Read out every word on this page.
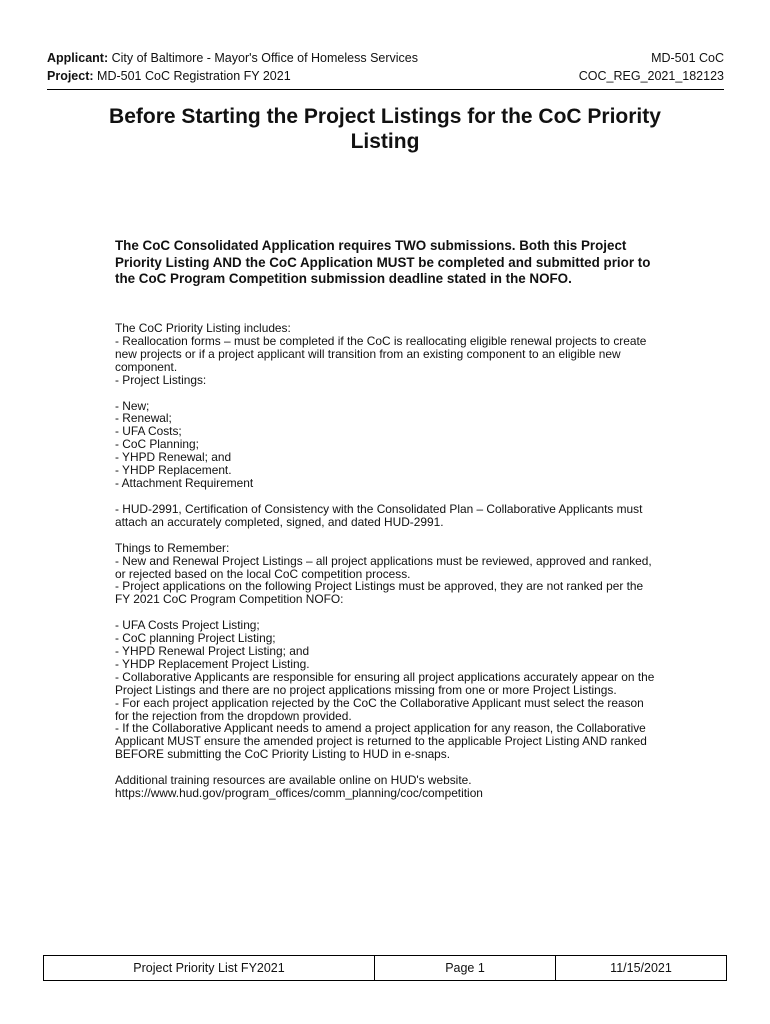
Applicant: City of Baltimore - Mayor's Office of Homeless Services	MD-501 CoC
Project: MD-501 CoC Registration FY 2021	COC_REG_2021_182123
Before Starting the Project Listings for the CoC Priority Listing

The CoC Consolidated Application requires TWO submissions. Both this Project Priority Listing AND the CoC Application MUST be completed and submitted prior to the CoC Program Competition submission deadline stated in the NOFO.

The CoC Priority Listing includes:
- Reallocation forms – must be completed if the CoC is reallocating eligible renewal projects to create new projects or if a project applicant will transition from an existing component to an eligible new component.
- Project Listings:

- New;
- Renewal;
- UFA Costs;
- CoC Planning;
- YHPD Renewal; and
- YHDP Replacement.
- Attachment Requirement

- HUD-2991, Certification of Consistency with the Consolidated Plan – Collaborative Applicants must attach an accurately completed, signed, and dated HUD-2991.

Things to Remember:
- New and Renewal Project Listings – all project applications must be reviewed, approved and ranked, or rejected based on the local CoC competition process.
- Project applications on the following Project Listings must be approved, they are not ranked per the FY 2021 CoC Program Competition NOFO:

- UFA Costs Project Listing;
- CoC planning Project Listing;
- YHPD Renewal Project Listing; and
- YHDP Replacement Project Listing.
- Collaborative Applicants are responsible for ensuring all project applications accurately appear on the Project Listings and there are no project applications missing from one or more Project Listings.
- For each project application rejected by the CoC the Collaborative Applicant must select the reason for the rejection from the dropdown provided.
- If the Collaborative Applicant needs to amend a project application for any reason, the Collaborative Applicant MUST ensure the amended project is returned to the applicable Project Listing AND ranked BEFORE submitting the CoC Priority Listing to HUD in e-snaps.

Additional training resources are available online on HUD's website.
https://www.hud.gov/program_offices/comm_planning/coc/competition

Project Priority List FY2021	Page 1	11/15/2021
